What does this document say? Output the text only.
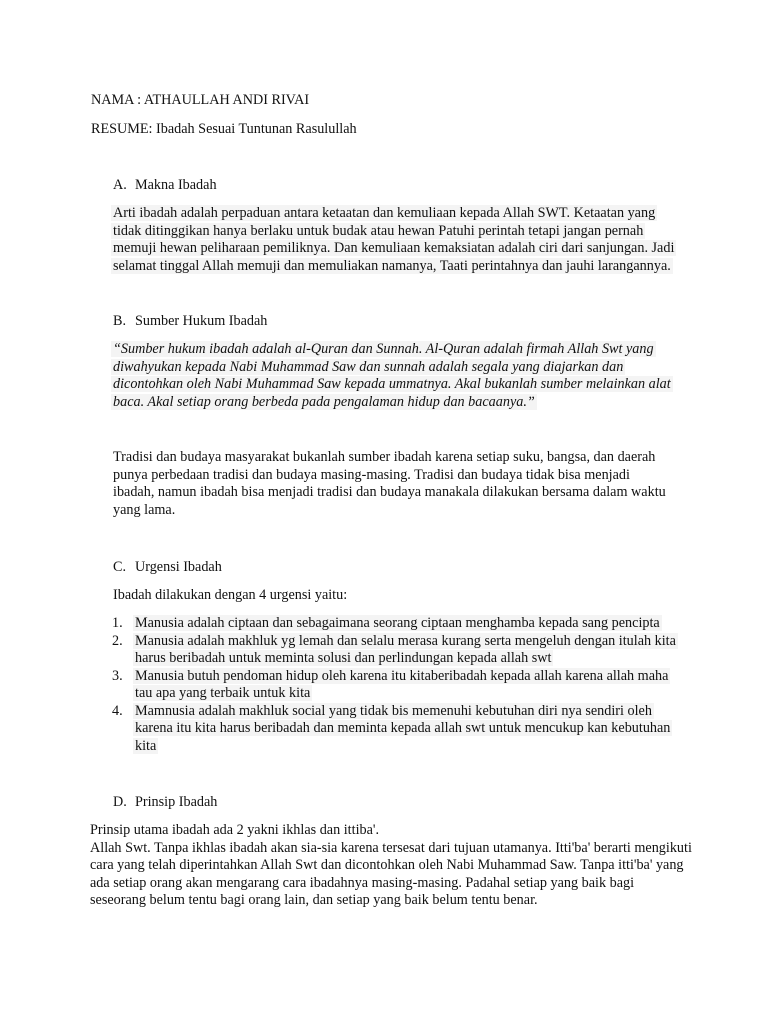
NAMA : ATHAULLAH ANDI RIVAI
RESUME: Ibadah Sesuai Tuntunan Rasulullah
A. Makna Ibadah
Arti ibadah adalah perpaduan antara ketaatan dan kemuliaan kepada Allah SWT. Ketaatan yang
tidak ditinggikan hanya berlaku untuk budak atau hewan Patuhi perintah tetapi jangan pernah
memuji hewan peliharaan pemiliknya. Dan kemuliaan kemaksiatan adalah ciri dari sanjungan. Jadi
selamat tinggal Allah memuji dan memuliakan namanya, Taati perintahnya dan jauhi larangannya.
B. Sumber Hukum Ibadah
“Sumber hukum ibadah adalah al-Quran dan Sunnah. Al-Quran adalah firmah Allah Swt yang
diwahyukan kepada Nabi Muhammad Saw dan sunnah adalah segala yang diajarkan dan
dicontohkan oleh Nabi Muhammad Saw kepada ummatnya. Akal bukanlah sumber melainkan alat
baca. Akal setiap orang berbeda pada pengalaman hidup dan bacaanya.”
Tradisi dan budaya masyarakat bukanlah sumber ibadah karena setiap suku, bangsa, dan daerah
punya perbedaan tradisi dan budaya masing-masing. Tradisi dan budaya tidak bisa menjadi
ibadah, namun ibadah bisa menjadi tradisi dan budaya manakala dilakukan bersama dalam waktu
yang lama.
C. Urgensi Ibadah
Ibadah dilakukan dengan 4 urgensi yaitu:
1. Manusia adalah ciptaan dan sebagaimana seorang ciptaan menghamba kepada sang pencipta
2. Manusia adalah makhluk yg lemah dan selalu merasa kurang serta mengeluh dengan itulah kita
harus beribadah untuk meminta solusi dan perlindungan kepada allah swt
3. Manusia butuh pendoman hidup oleh karena itu kitaberibadah kepada allah karena allah maha
tau apa yang terbaik untuk kita
4. Mamnusia adalah makhluk social yang tidak bis memenuhi kebutuhan diri nya sendiri oleh
karena itu kita harus beribadah dan meminta kepada allah swt untuk mencukup kan kebutuhan
kita
D. Prinsip Ibadah
Prinsip utama ibadah ada 2 yakni ikhlas dan ittiba'.
Allah Swt. Tanpa ikhlas ibadah akan sia-sia karena tersesat dari tujuan utamanya. Itti'ba' berarti mengikuti
cara yang telah diperintahkan Allah Swt dan dicontohkan oleh Nabi Muhammad Saw. Tanpa itti'ba' yang
ada setiap orang akan mengarang cara ibadahnya masing-masing. Padahal setiap yang baik bagi
seseorang belum tentu bagi orang lain, dan setiap yang baik belum tentu benar.
